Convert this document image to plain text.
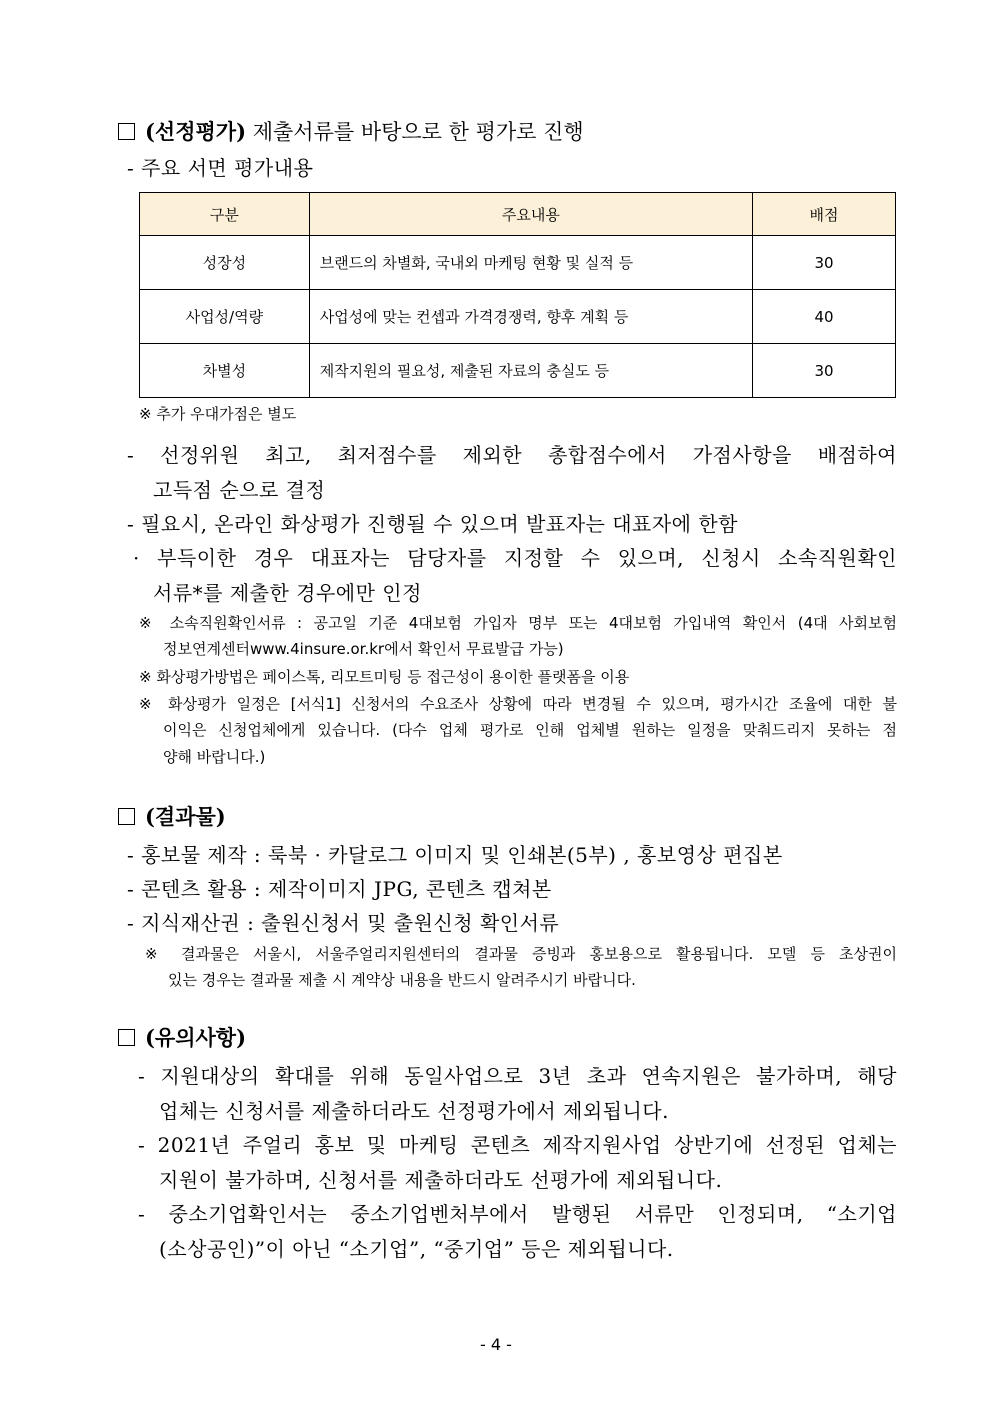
(선정평가) 제출서류를 바탕으로 한 평가로 진행
- 주요 서면 평가내용
구분	주요내용	배점
성장성	브랜드의 차별화, 국내외 마케팅 현황 및 실적 등	30
사업성/역량	사업성에 맞는 컨셉과 가격경쟁력, 향후 계획 등	40
차별성	제작지원의 필요성, 제출된 자료의 충실도 등	30
※ 추가 우대가점은 별도
- 선정위원 최고, 최저점수를 제외한 총합점수에서 가점사항을 배점하여
고득점 순으로 결정
- 필요시, 온라인 화상평가 진행될 수 있으며 발표자는 대표자에 한함
· 부득이한 경우 대표자는 담당자를 지정할 수 있으며, 신청시 소속직원확인
서류*를 제출한 경우에만 인정
※ 소속직원확인서류 : 공고일 기준 4대보험 가입자 명부 또는 4대보험 가입내역 확인서 (4대 사회보험
정보연계센터www.4insure.or.kr에서 확인서 무료발급 가능)
※ 화상평가방법은 페이스톡, 리모트미팅 등 접근성이 용이한 플랫폼을 이용
※ 화상평가 일정은 [서식1] 신청서의 수요조사 상황에 따라 변경될 수 있으며, 평가시간 조율에 대한 불
이익은 신청업체에게 있습니다. (다수 업체 평가로 인해 업체별 원하는 일정을 맞춰드리지 못하는 점
양해 바랍니다.)
(결과물)
- 홍보물 제작 : 룩북 · 카달로그 이미지 및 인쇄본(5부) , 홍보영상 편집본
- 콘텐츠 활용 : 제작이미지 JPG, 콘텐츠 캡쳐본
- 지식재산권 : 출원신청서 및 출원신청 확인서류
※ 결과물은 서울시, 서울주얼리지원센터의 결과물 증빙과 홍보용으로 활용됩니다. 모델 등 초상권이
있는 경우는 결과물 제출 시 계약상 내용을 반드시 알려주시기 바랍니다.
(유의사항)
- 지원대상의 확대를 위해 동일사업으로 3년 초과 연속지원은 불가하며, 해당
업체는 신청서를 제출하더라도 선정평가에서 제외됩니다.
- 2021년 주얼리 홍보 및 마케팅 콘텐츠 제작지원사업 상반기에 선정된 업체는
지원이 불가하며, 신청서를 제출하더라도 선평가에 제외됩니다.
- 중소기업확인서는 중소기업벤처부에서 발행된 서류만 인정되며, “소기업
(소상공인)”이 아닌 “소기업”, “중기업” 등은 제외됩니다.
- 4 -
